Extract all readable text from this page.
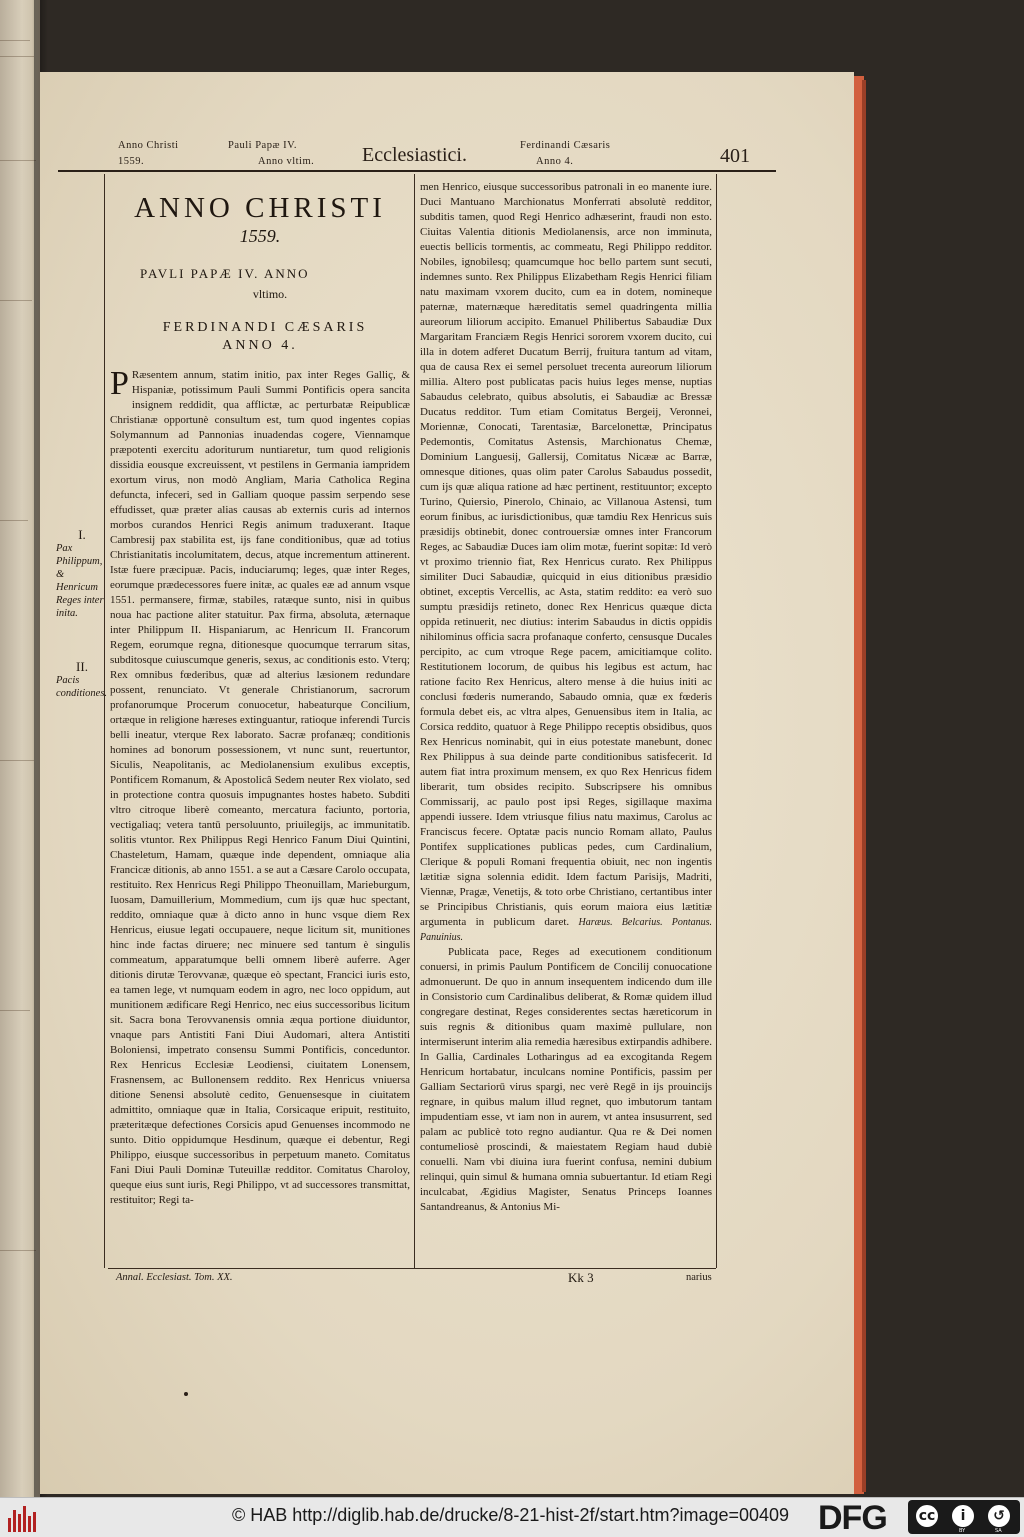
Anno Christi	Pauli Papæ IV.
1559.	Anno vltim. Ecclesiastici.	Ferdinandi Cæsaris
Anno 4.	401
ANNO CHRISTI
1559.
PAVLI PAPÆ IV. ANNO
vltimo.
FERDINANDI CÆSARIS
ANNO 4.
I.
Pax Philippum, & Henricum Reges inter inita.
II.
Pacis conditiones.

P Ræsentem annum, statim initio, pax inter Reges Galliç, & Hispaniæ, potissimum Pauli Summi Pontificis opera sancita insignem reddidit, qua afflictæ, ac perturbatæ Reipublicæ Christianæ opportunè consultum est, tum quod ingentes copias Solymannum ad Pannonias inuadendas cogere, Viennamque præpotenti exercitu adoriturum nuntiaretur, tum quod religionis dissidia eousque excreuissent, vt pestilens in Germania iampridem exortum virus, non modò Angliam, Maria Catholica Regina defuncta, infeceri, sed in Galliam quoque passim serpendo sese effudisset, quæ præter alias causas ab externis curis ad internos morbos curandos Henrici Regis animum traduxerant. Itaque Cambresij pax stabilita est, ijs fane conditionibus, quæ ad totius Christianitatis incolumitatem, decus, atque incrementum attinerent. Istæ fuere præcipuæ. Pacis, induciarumq; leges, quæ inter Reges, eorumque prædecessores fuere initæ, ac quales eæ ad annum vsque 1551. permansere, firmæ, stabiles, ratæque sunto, nisi in quibus noua hac pactione aliter statuitur. Pax firma, absoluta, æternaque inter Philippum II. Hispaniarum, ac Henricum II. Francorum Regem, eorumque regna, ditionesque quocumque terrarum sitas, subditosque cuiuscumque generis, sexus, ac conditionis esto. Vterq; Rex omnibus fœderibus, quæ ad alterius læsionem redundare possent, renunciato. Vt generale Christianorum, sacrorum profanorumque Procerum conuocetur, habeaturque Concilium, ortæque in religione hæreses extinguantur, ratioque inferendi Turcis belli ineatur, vterque Rex laborato. Sacræ profanæq; conditionis homines ad bonorum possessionem, vt nunc sunt, reuertuntor, Siculis, Neapolitanis, ac Mediolanensium exulibus exceptis, Pontificem Romanum, & Apostolicâ Sedem neuter Rex violato, sed in protectione contra quosuis impugnantes hostes habeto. Subditi vltro citroque liberè comeanto, mercatura faciunto, portoria, vectigaliaq; vetera tantū persoluunto, priuilegijs, ac immunitatib. solitis vtuntor. Rex Philippus Regi Henrico Fanum Diui Quintini, Chasteletum, Hamam, quæque inde dependent, omniaque alia Francicæ ditionis, ab anno 1551. a se aut a Cæsare Carolo occupata, restituito. Rex Henricus Regi Philippo Theonuillam, Marieburgum, Iuosam, Damuillerium, Mommedium, cum ijs quæ huc spectant, reddito, omniaque quæ à dicto anno in hunc vsque diem Rex Henricus, eiusue legati occupauere, neque licitum sit, munitiones hinc inde factas diruere; nec minuere sed tantum è singulis commeatum, apparatumque belli omnem liberè auferre. Ager ditionis dirutæ Terovvanæ, quæque eò spectant, Francici iuris esto, ea tamen lege, vt numquam eodem in agro, nec loco oppidum, aut munitionem ædificare Regi Henrico, nec eius successoribus licitum sit. Sacra bona Terovvanensis omnia æqua portione diuiduntor, vnaque pars Antistiti Fani Diui Audomari, altera Antistiti Boloniensi, impetrato consensu Summi Pontificis, conceduntor. Rex Henricus Ecclesiæ Leodiensi, ciuitatem Lonensem, Frasnensem, ac Bullonensem reddito. Rex Henricus vniuersa ditione Senensi absolutè cedito, Genuensesque in ciuitatem admittito, omniaque quæ in Italia, Corsicaque eripuit, restituito, præteritæque defectiones Corsicis apud Genuenses incommodo ne sunto. Ditio oppidumque Hesdinum, quæque ei debentur, Regi Philippo, eiusque successoribus in perpetuum maneto. Comitatus Fani Diui Pauli Dominæ Tuteuillæ redditor. Comitatus Charoloy, queque eius sunt iuris, Regi Philippo, vt ad successores transmittat, restituitor; Regi ta-

men Henrico, eiusque successoribus patronali in eo manente iure. Duci Mantuano Marchionatus Monferrati absolutè redditor, subditis tamen, quod Regi Henrico adhæserint, fraudi non esto. Ciuitas Valentia ditionis Mediolanensis, arce non imminuta, euectis bellicis tormentis, ac commeatu, Regi Philippo redditor. Nobiles, ignobilesq; quamcumque hoc bello partem sunt secuti, indemnes sunto. Rex Philippus Elizabetham Regis Henrici filiam natu maximam vxorem ducito, cum ea in dotem, nomineque paternæ, maternæque hæreditatis semel quadringenta millia aureorum liliorum accipito. Emanuel Philibertus Sabaudiæ Dux Margaritam Franciæm Regis Henrici sororem vxorem ducito, cui illa in dotem adferet Ducatum Berrij, fruitura tantum ad vitam, qua de causa Rex ei semel persoluet trecenta aureorum liliorum millia. Altero post publicatas pacis huius leges mense, nuptias Sabaudus celebrato, quibus absolutis, ei Sabaudiæ ac Bressæ Ducatus redditor. Tum etiam Comitatus Bergeij, Veronnei, Moriennæ, Conocati, Tarentasiæ, Barcelonettæ, Principatus Pedemontis, Comitatus Astensis, Marchionatus Chemæ, Dominium Languesij, Gallersij, Comitatus Nicææ ac Barræ, omnesque ditiones, quas olim pater Carolus Sabaudus possedit, cum ijs quæ aliqua ratione ad hæc pertinent, restituuntor; excepto Turino, Quiersio, Pinerolo, Chinaio, ac Villanoua Astensi, tum eorum finibus, ac iurisdictionibus, quæ tamdiu Rex Henricus suis præsidijs obtinebit, donec controuersiæ omnes inter Francorum Reges, ac Sabaudiæ Duces iam olim motæ, fuerint sopitæ: Id verò vt proximo triennio fiat, Rex Henricus curato. Rex Philippus similiter Duci Sabaudiæ, quicquid in eius ditionibus præsidio obtinet, exceptis Vercellis, ac Asta, statim reddito: ea verò suo sumptu præsidijs retineto, donec Rex Henricus quæque dicta oppida retinuerit, nec diutius: interim Sabaudus in dictis oppidis nihilominus officia sacra profanaque conferto, censusque Ducales percipito, ac cum vtroque Rege pacem, amicitiamque colito. Restitutionem locorum, de quibus his legibus est actum, hac ratione facito Rex Henricus, altero mense à die huius initi ac conclusi fœderis numerando, Sabaudo omnia, quæ ex fœderis formula debet eis, ac vltra alpes, Genuensibus item in Italia, ac Corsica reddito, quatuor à Rege Philippo receptis obsidibus, quos Rex Henricus nominabit, qui in eius potestate manebunt, donec Rex Philippus à sua deinde parte conditionibus satisfecerit. Id autem fiat intra proximum mensem, ex quo Rex Henricus fidem liberarit, tum obsides recipito. Subscripsere his omnibus Commissarij, ac paulo post ipsi Reges, sigillaque maxima appendi iussere. Idem vtriusque filius natu maximus, Carolus ac Franciscus fecere. Optatæ pacis nuncio Romam allato, Paulus Pontifex supplicationes publicas pedes, cum Cardinalium, Clerique & populi Romani frequentia obiuit, nec non ingentis lætitiæ signa solennia edidit. Idem factum Parisijs, Madriti, Viennæ, Pragæ, Venetijs, & toto orbe Christiano, certantibus inter se Principibus Christianis, quis eorum maiora eius lætitiæ argumenta in publicum daret. Haræus. Belcarius. Pontanus. Panuinius.

Publicata pace, Reges ad executionem conditionum conuersi, in primis Paulum Pontificem de Concilij conuocatione admonuerunt. De quo in annum insequentem indicendo dum ille in Consistorio cum Cardinalibus deliberat, & Romæ quidem illud congregare destinat, Reges considerentes sectas hæreticorum in suis regnis & ditionibus quam maximè pullulare, non intermiserunt interim alia remedia hæresibus extirpandis adhibere. In Gallia, Cardinales Lotharingus ad ea excogitanda Regem Henricum hortabatur, inculcans nomine Pontificis, passim per Galliam Sectariorū virus spargi, nec verè Regē in ijs prouincijs regnare, in quibus malum illud regnet, quo imbutorum tantam impudentiam esse, vt iam non in aurem, vt antea insusurrent, sed palam ac publicè toto regno audiantur. Qua re & Dei nomen contumeliosè proscindi, & maiestatem Regiam haud dubiè conuelli. Nam vbi diuina iura fuerint confusa, nemini dubium relinqui, quin simul & humana omnia subuertantur. Id etiam Regi inculcabat, Ægidius Magister, Senatus Princeps Ioannes Santandreanus, & Antonius Mi-

Annal. Ecclesiast. Tom. XX.	Kk 3	narius
© HAB http://diglib.hab.de/drucke/8-21-hist-2f/start.htm?image=00409 DFG	cc	i	↺
BY	SA
